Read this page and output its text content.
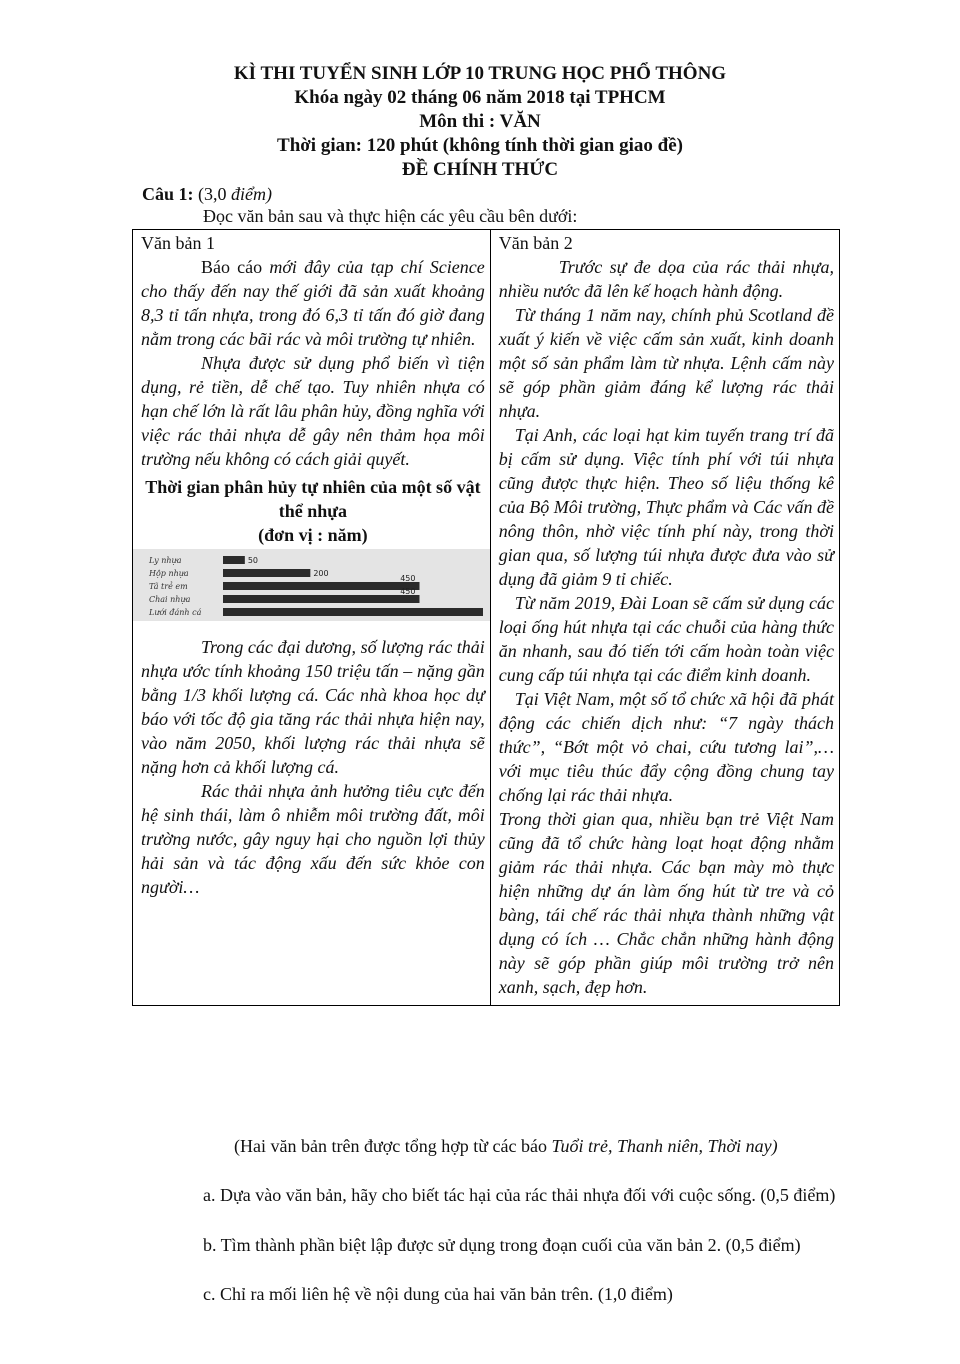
KÌ THI TUYỂN SINH LỚP 10 TRUNG HỌC PHỔ THÔNG
Khóa ngày 02 tháng 06 năm 2018 tại TPHCM
Môn thi : VĂN
Thời gian: 120 phút (không tính thời gian giao đề)
ĐỀ CHÍNH THỨC
Câu 1: (3,0 điểm)
Đọc văn bản sau và thực hiện các yêu cầu bên dưới:
Văn bản 1

Báo cáo mới đây của tạp chí Science cho thấy đến nay thế giới đã sản xuất khoảng 8,3 tỉ tấn nhựa, trong đó 6,3 tỉ tấn đó giờ đang nằm trong các bãi rác và môi trường tự nhiên.

Nhựa được sử dụng phổ biến vì tiện dụng, rẻ tiền, dễ chế tạo. Tuy nhiên nhựa có hạn chế lớn là rất lâu phân hủy, đồng nghĩa với việc rác thải nhựa dễ gây nên thảm họa môi trường nếu không có cách giải quyết.

Thời gian phân hủy tự nhiên của một số vật thể nhựa
(đơn vị : năm)
Ly nhựa	50
Hộp nhựa	200
Tã trẻ em
450
Chai nhựa
450
Lưới đánh cá

Trong các đại dương, số lượng rác thải nhựa ước tính khoảng 150 triệu tấn – nặng gần bằng 1/3 khối lượng cá. Các nhà khoa học dự báo với tốc độ gia tăng rác thải nhựa hiện nay, vào năm 2050, khối lượng rác thải nhựa sẽ nặng hơn cả khối lượng cá.

Rác thải nhựa ảnh hưởng tiêu cực đến hệ sinh thái, làm ô nhiễm môi trường đất, môi trường nước, gây nguy hại cho nguồn lợi thủy hải sản và tác động xấu đến sức khỏe con người…

Văn bản 2

Trước sự đe dọa của rác thải nhựa, nhiều nước đã lên kế hoạch hành động.

Từ tháng 1 năm nay, chính phủ Scotland đề xuất ý kiến về việc cấm sản xuất, kinh doanh một số sản phẩm làm từ nhựa. Lệnh cấm này sẽ góp phần giảm đáng kể lượng rác thải nhựa.

Tại Anh, các loại hạt kim tuyến trang trí đã bị cấm sử dụng. Việc tính phí với túi nhựa cũng được thực hiện. Theo số liệu thống kê của Bộ Môi trường, Thực phẩm và Các vấn đề nông thôn, nhờ việc tính phí này, trong thời gian qua, số lượng túi nhựa được đưa vào sử dụng đã giảm 9 tỉ chiếc.

Từ năm 2019, Đài Loan sẽ cấm sử dụng các loại ống hút nhựa tại các chuỗi của hàng thức ăn nhanh, sau đó tiến tới cấm hoàn toàn việc cung cấp túi nhựa tại các điểm kinh doanh.

Tại Việt Nam, một số tổ chức xã hội đã phát động các chiến dịch như: “7 ngày thách thức”, “Bớt một vỏ chai, cứu tương lai”,… với mục tiêu thúc đẩy cộng đồng chung tay chống lại rác thải nhựa.

Trong thời gian qua, nhiều bạn trẻ Việt Nam cũng đã tổ chức hàng loạt hoạt động nhằm giảm rác thải nhựa. Các bạn mày mò thực hiện những dự án làm ống hút từ tre và cỏ bàng, tái chế rác thải nhựa thành những vật dụng có ích … Chắc chắn những hành động này sẽ góp phần giúp môi trường trở nên xanh, sạch, đẹp hơn.

(Hai văn bản trên được tổng hợp từ các báo Tuổi trẻ, Thanh niên, Thời nay)
a. Dựa vào văn bản, hãy cho biết tác hại của rác thải nhựa đối với cuộc sống. (0,5 điểm)
b. Tìm thành phần biệt lập được sử dụng trong đoạn cuối của văn bản 2. (0,5 điểm)
c. Chỉ ra mối liên hệ về nội dung của hai văn bản trên. (1,0 điểm)
